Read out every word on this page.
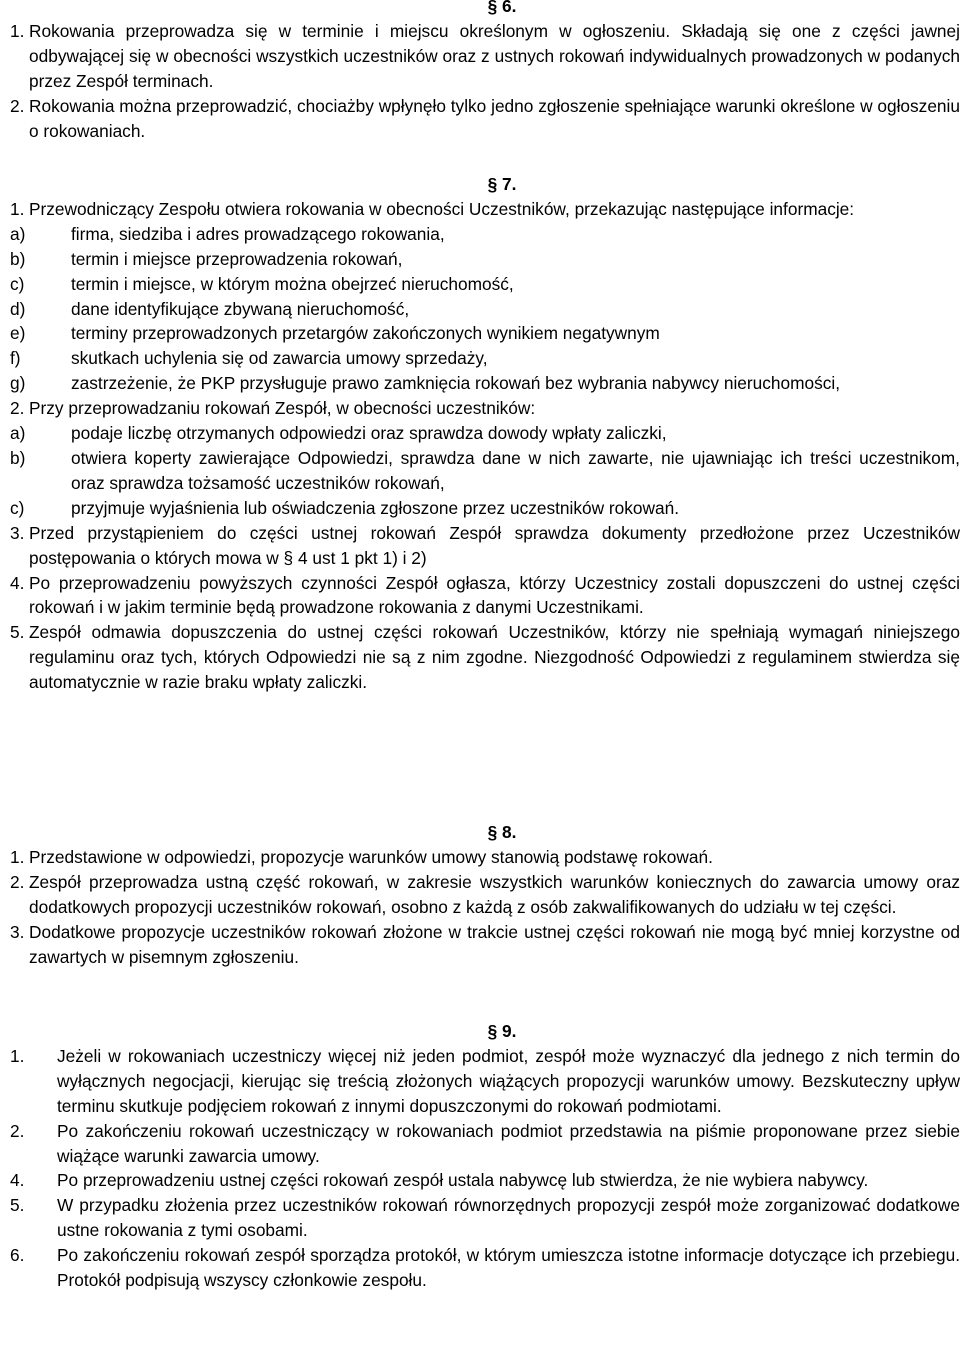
§ 6.

1. Rokowania przeprowadza się w terminie i miejscu określonym w ogłoszeniu. Składają się one z części jawnej odbywającej się w obecności wszystkich uczestników oraz z ustnych rokowań indywidualnych prowadzonych w podanych przez Zespół terminach.
2. Rokowania można przeprowadzić, chociażby wpłynęło tylko jedno zgłoszenie spełniające warunki określone w ogłoszeniu o rokowaniach.

§ 7.

1. Przewodniczący Zespołu otwiera rokowania w obecności Uczestników, przekazując następujące informacje:
a)	firma, siedziba i adres prowadzącego rokowania,
b)	termin i miejsce przeprowadzenia rokowań,
c)	termin i miejsce, w którym można obejrzeć nieruchomość,
d)	dane identyfikujące zbywaną nieruchomość,
e)	terminy przeprowadzonych przetargów zakończonych wynikiem negatywnym
f)	skutkach uchylenia się od zawarcia umowy sprzedaży,
g)	zastrzeżenie, że PKP przysługuje prawo zamknięcia rokowań bez wybrania nabywcy nieruchomości,
2. Przy przeprowadzaniu rokowań Zespół, w obecności uczestników:
a)	podaje liczbę otrzymanych odpowiedzi oraz sprawdza dowody wpłaty zaliczki,
b)	otwiera koperty zawierające Odpowiedzi, sprawdza dane w nich zawarte, nie ujawniając ich treści uczestnikom, oraz sprawdza tożsamość uczestników rokowań,
c)	przyjmuje wyjaśnienia lub oświadczenia zgłoszone przez uczestników rokowań.
3. Przed przystąpieniem do części ustnej rokowań Zespół sprawdza dokumenty przedłożone przez Uczestników postępowania o których mowa w § 4 ust 1 pkt 1) i 2)
4. Po przeprowadzeniu powyższych czynności Zespół ogłasza, którzy Uczestnicy zostali dopuszczeni do ustnej części rokowań i w jakim terminie będą prowadzone rokowania z danymi Uczestnikami.
5. Zespół odmawia dopuszczenia do ustnej części rokowań Uczestników, którzy nie spełniają wymagań niniejszego regulaminu oraz tych, których Odpowiedzi nie są z nim zgodne. Niezgodność Odpowiedzi z regulaminem stwierdza się automatycznie w razie braku wpłaty zaliczki.

§ 8.

1. Przedstawione w odpowiedzi, propozycje warunków umowy stanowią podstawę rokowań.
2. Zespół przeprowadza ustną część rokowań, w zakresie wszystkich warunków koniecznych do zawarcia umowy oraz dodatkowych propozycji uczestników rokowań, osobno z każdą z osób zakwalifikowanych do udziału w tej części.
3. Dodatkowe propozycje uczestników rokowań złożone w trakcie ustnej części rokowań nie mogą być mniej korzystne od zawartych w pisemnym zgłoszeniu.

§ 9.

1. Jeżeli w rokowaniach uczestniczy więcej niż jeden podmiot, zespół może wyznaczyć dla jednego z nich termin do wyłącznych negocjacji, kierując się treścią złożonych wiążących propozycji warunków umowy. Bezskuteczny upływ terminu skutkuje podjęciem rokowań z innymi dopuszczonymi do rokowań podmiotami.
2. Po zakończeniu rokowań uczestniczący w rokowaniach podmiot przedstawia na piśmie proponowane przez siebie wiążące warunki zawarcia umowy.
4. Po przeprowadzeniu ustnej części rokowań zespół ustala nabywcę lub stwierdza, że nie wybiera nabywcy.
5. W przypadku złożenia przez uczestników rokowań równorzędnych propozycji zespół może zorganizować dodatkowe ustne rokowania z tymi osobami.
6. Po zakończeniu rokowań zespół sporządza protokół, w którym umieszcza istotne informacje dotyczące ich przebiegu. Protokół podpisują wszyscy członkowie zespołu.
